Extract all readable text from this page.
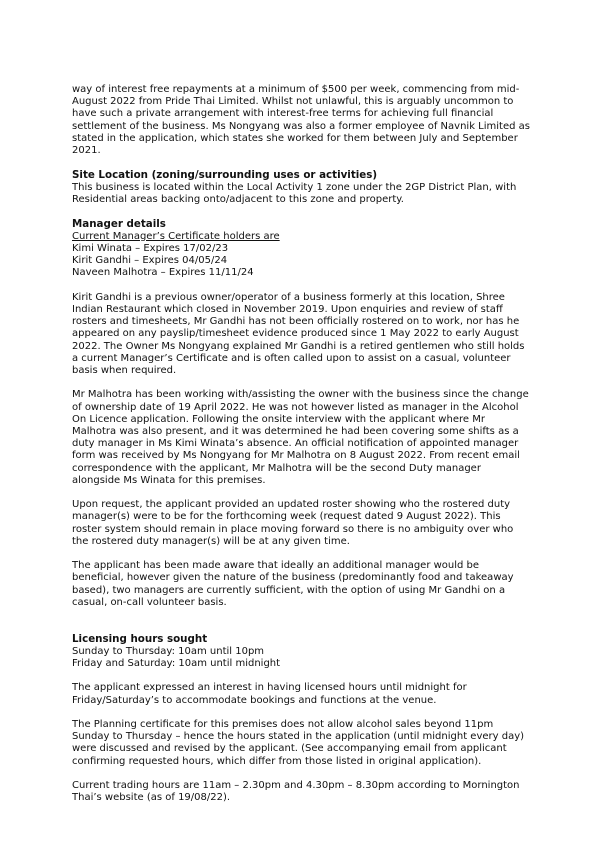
way of interest free repayments at a minimum of $500 per week, commencing from mid-August 2022 from Pride Thai Limited. Whilst not unlawful, this is arguably uncommon to have such a private arrangement with interest-free terms for achieving full financial settlement of the business. Ms Nongyang was also a former employee of Navnik Limited as stated in the application, which states she worked for them between July and September 2021.

Site Location (zoning/surrounding uses or activities)

This business is located within the Local Activity 1 zone under the 2GP District Plan, with Residential areas backing onto/adjacent to this zone and property.

Manager details

Current Manager’s Certificate holders are

Kimi Winata – Expires 17/02/23
Kirit Gandhi – Expires 04/05/24
Naveen Malhotra – Expires 11/11/24

Kirit Gandhi is a previous owner/operator of a business formerly at this location, Shree Indian Restaurant which closed in November 2019. Upon enquiries and review of staff rosters and timesheets, Mr Gandhi has not been officially rostered on to work, nor has he appeared on any payslip/timesheet evidence produced since 1 May 2022 to early August 2022. The Owner Ms Nongyang explained Mr Gandhi is a retired gentlemen who still holds a current Manager’s Certificate and is often called upon to assist on a casual, volunteer basis when required.

Mr Malhotra has been working with/assisting the owner with the business since the change of ownership date of 19 April 2022. He was not however listed as manager in the Alcohol On Licence application. Following the onsite interview with the applicant where Mr Malhotra was also present, and it was determined he had been covering some shifts as a duty manager in Ms Kimi Winata’s absence. An official notification of appointed manager form was received by Ms Nongyang for Mr Malhotra on 8 August 2022. From recent email correspondence with the applicant, Mr Malhotra will be the second Duty manager alongside Ms Winata for this premises.

Upon request, the applicant provided an updated roster showing who the rostered duty manager(s) were to be for the forthcoming week (request dated 9 August 2022). This roster system should remain in place moving forward so there is no ambiguity over who the rostered duty manager(s) will be at any given time.

The applicant has been made aware that ideally an additional manager would be beneficial, however given the nature of the business (predominantly food and takeaway based), two managers are currently sufficient, with the option of using Mr Gandhi on a casual, on-call volunteer basis.

Licensing hours sought
Sunday to Thursday: 10am until 10pm
Friday and Saturday: 10am until midnight

The applicant expressed an interest in having licensed hours until midnight for Friday/Saturday’s to accommodate bookings and functions at the venue.

The Planning certificate for this premises does not allow alcohol sales beyond 11pm Sunday to Thursday – hence the hours stated in the application (until midnight every day) were discussed and revised by the applicant. (See accompanying email from applicant confirming requested hours, which differ from those listed in original application).

Current trading hours are 11am – 2.30pm and 4.30pm – 8.30pm according to Mornington Thai’s website (as of 19/08/22).
